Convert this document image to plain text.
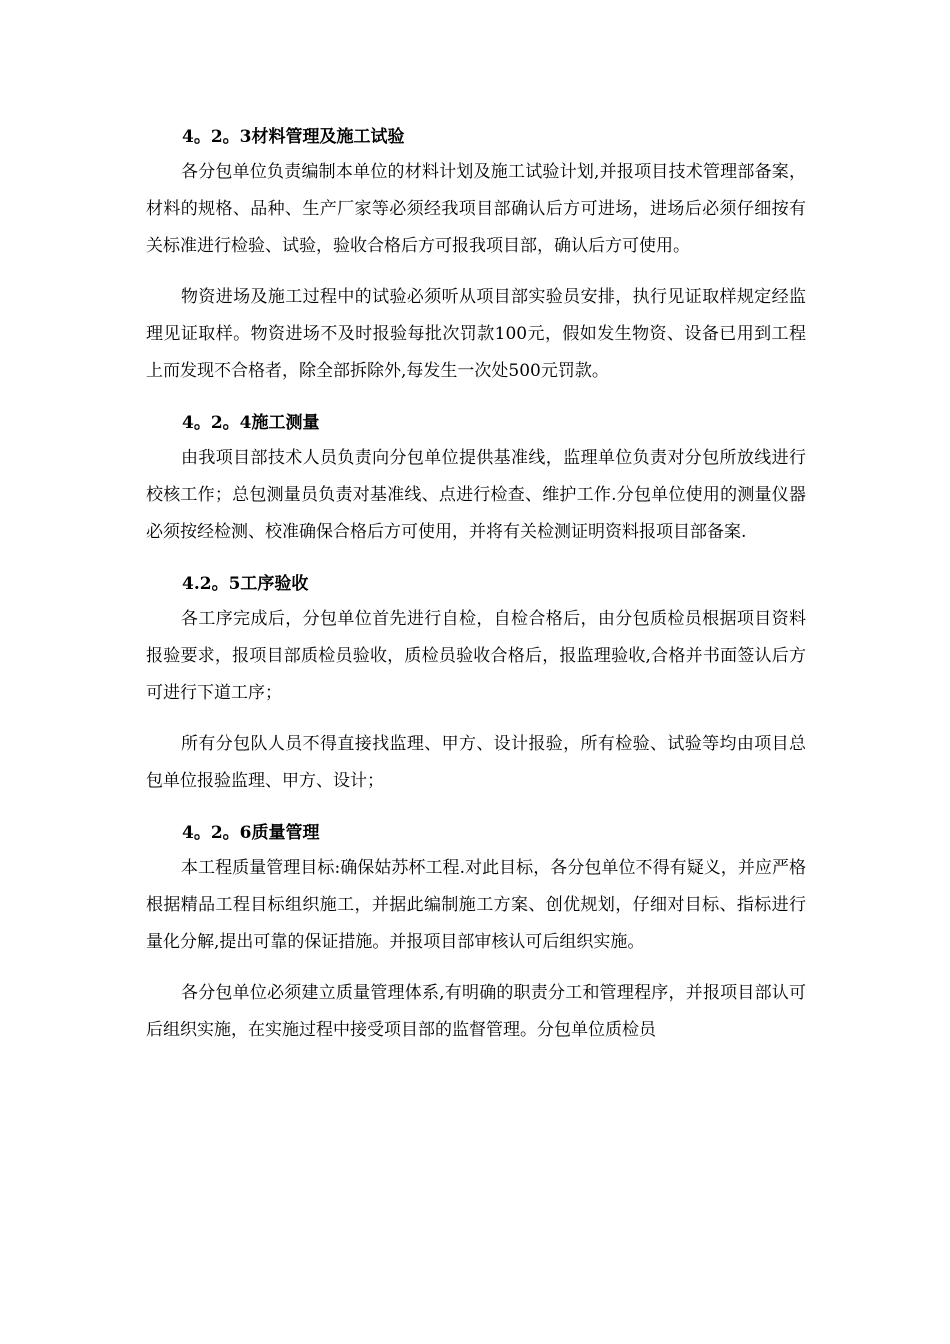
4。2。3材料管理及施工试验

各分包单位负责编制本单位的材料计划及施工试验计划,并报项目技术管理部备案，材料的规格、品种、生产厂家等必须经我项目部确认后方可进场，进场后必须仔细按有关标准进行检验、试验，验收合格后方可报我项目部，确认后方可使用。

物资进场及施工过程中的试验必须听从项目部实验员安排，执行见证取样规定经监理见证取样。物资进场不及时报验每批次罚款100元，假如发生物资、设备已用到工程上而发现不合格者，除全部拆除外,每发生一次处500元罚款。

4。2。4施工测量

由我项目部技术人员负责向分包单位提供基准线，监理单位负责对分包所放线进行校核工作；总包测量员负责对基准线、点进行检查、维护工作.分包单位使用的测量仪器必须按经检测、校准确保合格后方可使用，并将有关检测证明资料报项目部备案.

4.2。5工序验收

各工序完成后，分包单位首先进行自检，自检合格后，由分包质检员根据项目资料报验要求，报项目部质检员验收，质检员验收合格后，报监理验收,合格并书面签认后方可进行下道工序；

所有分包队人员不得直接找监理、甲方、设计报验，所有检验、试验等均由项目总包单位报验监理、甲方、设计；

4。2。6质量管理

本工程质量管理目标:确保姑苏杯工程.对此目标，各分包单位不得有疑义，并应严格根据精品工程目标组织施工，并据此编制施工方案、创优规划，仔细对目标、指标进行量化分解,提出可靠的保证措施。并报项目部审核认可后组织实施。

各分包单位必须建立质量管理体系,有明确的职责分工和管理程序，并报项目部认可后组织实施，在实施过程中接受项目部的监督管理。分包单位质检员
